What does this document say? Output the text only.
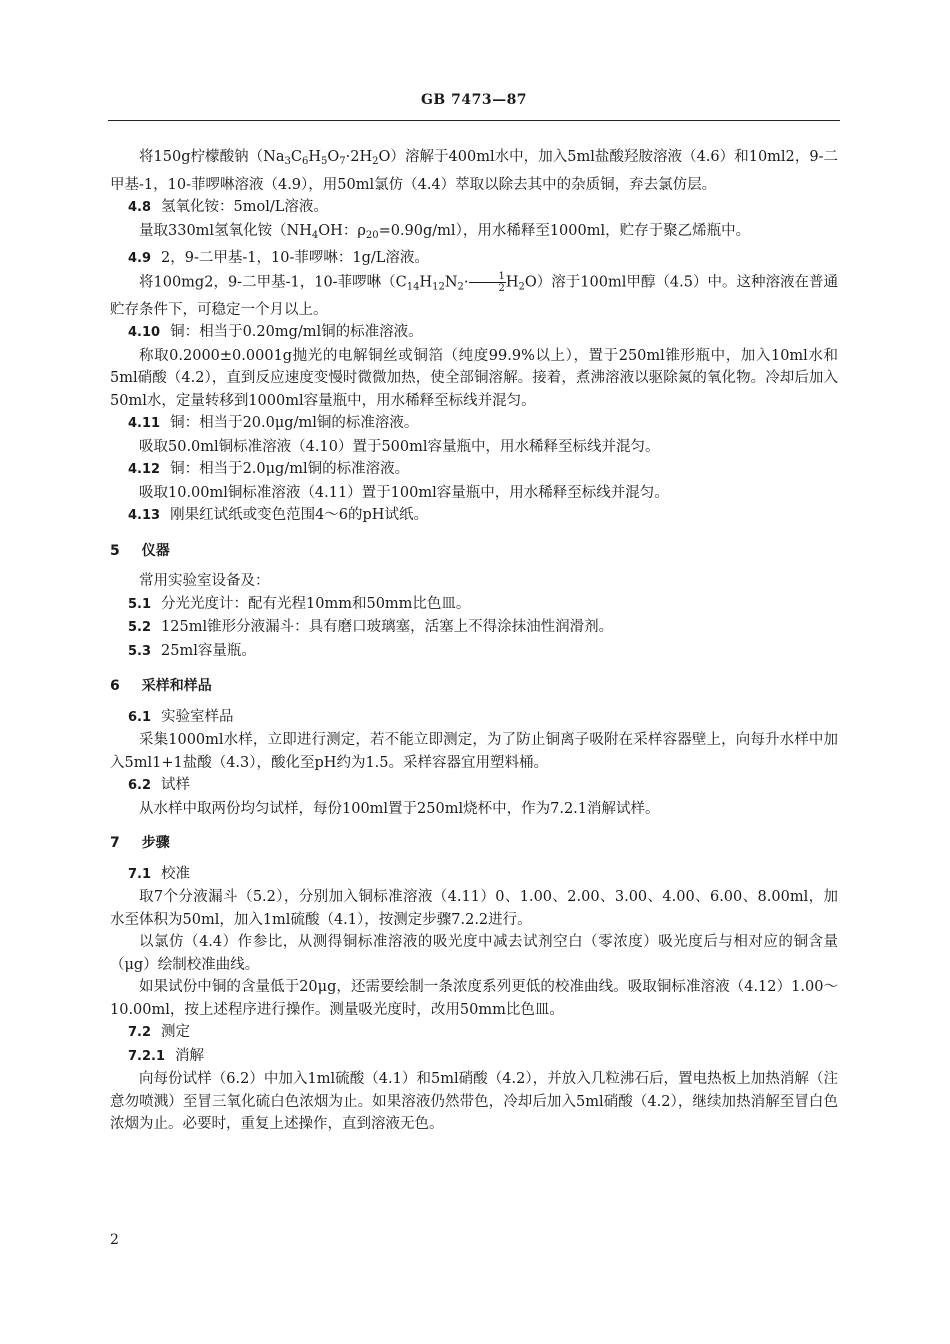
GB 7473—87

将150g柠檬酸钠$(Na_3C_6H_5O_7\cdot 2H_2O)$溶解于400ml水中，加入5ml盐酸羟胺溶液（4.6）和10ml2，9-二甲基-1，10-菲啰啉溶液（4.9），用50ml氯仿（4.4）萃取以除去其中的杂质铜，弃去氯仿层。

4.8 氢氧化铵：5mol/L溶液。

量取330ml氢氧化铵（$NH_4OH$：$\rho_{20}=0.90g/ml$），用水稀释至1000ml，贮存于聚乙烯瓶中。

4.9 2，9-二甲基-1，10-菲啰啉：1g/L溶液。

将100mg2，9-二甲基-1，10-菲啰啉$(C_{14}H_{12}N_2\cdot \frac{1}{2} H_2O)$溶于100ml甲醇（4.5）中。这种溶液在普通贮存条件下，可稳定一个月以上。

4.10 铜：相当于0.20mg/ml铜的标准溶液。

称取0.2000±0.0001g抛光的电解铜丝或铜箔（纯度99.9%以上），置于250ml锥形瓶中，加入10ml水和5ml硝酸（4.2），直到反应速度变慢时微微加热，使全部铜溶解。接着，煮沸溶液以驱除氮的氧化物。冷却后加入50ml水，定量转移到1000ml容量瓶中，用水稀释至标线并混匀。

4.11 铜：相当于20.0μg/ml铜的标准溶液。

吸取50.0ml铜标准溶液（4.10）置于500ml容量瓶中，用水稀释至标线并混匀。

4.12 铜：相当于2.0μg/ml铜的标准溶液。

吸取10.00ml铜标准溶液（4.11）置于100ml容量瓶中，用水稀释至标线并混匀。

4.13 刚果红试纸或变色范围4～6的pH试纸。

5 仪器

常用实验室设备及：

5.1 分光光度计：配有光程10mm和50mm比色皿。

5.2 125ml锥形分液漏斗：具有磨口玻璃塞，活塞上不得涂抹油性润滑剂。

5.3 25ml容量瓶。

6 采样和样品

6.1 实验室样品

采集1000ml水样，立即进行测定，若不能立即测定，为了防止铜离子吸附在采样容器壁上，向每升水样中加入5ml1+1盐酸（4.3），酸化至pH约为1.5。采样容器宜用塑料桶。

6.2 试样

从水样中取两份均匀试样，每份100ml置于250ml烧杯中，作为7.2.1消解试样。

7 步骤

7.1 校准

取7个分液漏斗（5.2），分别加入铜标准溶液（4.11）0、1.00、2.00、3.00、4.00、6.00、8.00ml，加水至体积为50ml，加入1ml硫酸（4.1），按测定步骤7.2.2进行。

以氯仿（4.4）作参比，从测得铜标准溶液的吸光度中减去试剂空白（零浓度）吸光度后与相对应的铜含量（μg）绘制校准曲线。

如果试份中铜的含量低于20μg，还需要绘制一条浓度系列更低的校准曲线。吸取铜标准溶液（4.12）1.00～10.00ml，按上述程序进行操作。测量吸光度时，改用50mm比色皿。

7.2 测定

7.2.1 消解

向每份试样（6.2）中加入1ml硫酸（4.1）和5ml硝酸（4.2），并放入几粒沸石后，置电热板上加热消解（注意勿喷溅）至冒三氧化硫白色浓烟为止。如果溶液仍然带色，冷却后加入5ml硝酸（4.2），继续加热消解至冒白色浓烟为止。必要时，重复上述操作，直到溶液无色。

2
